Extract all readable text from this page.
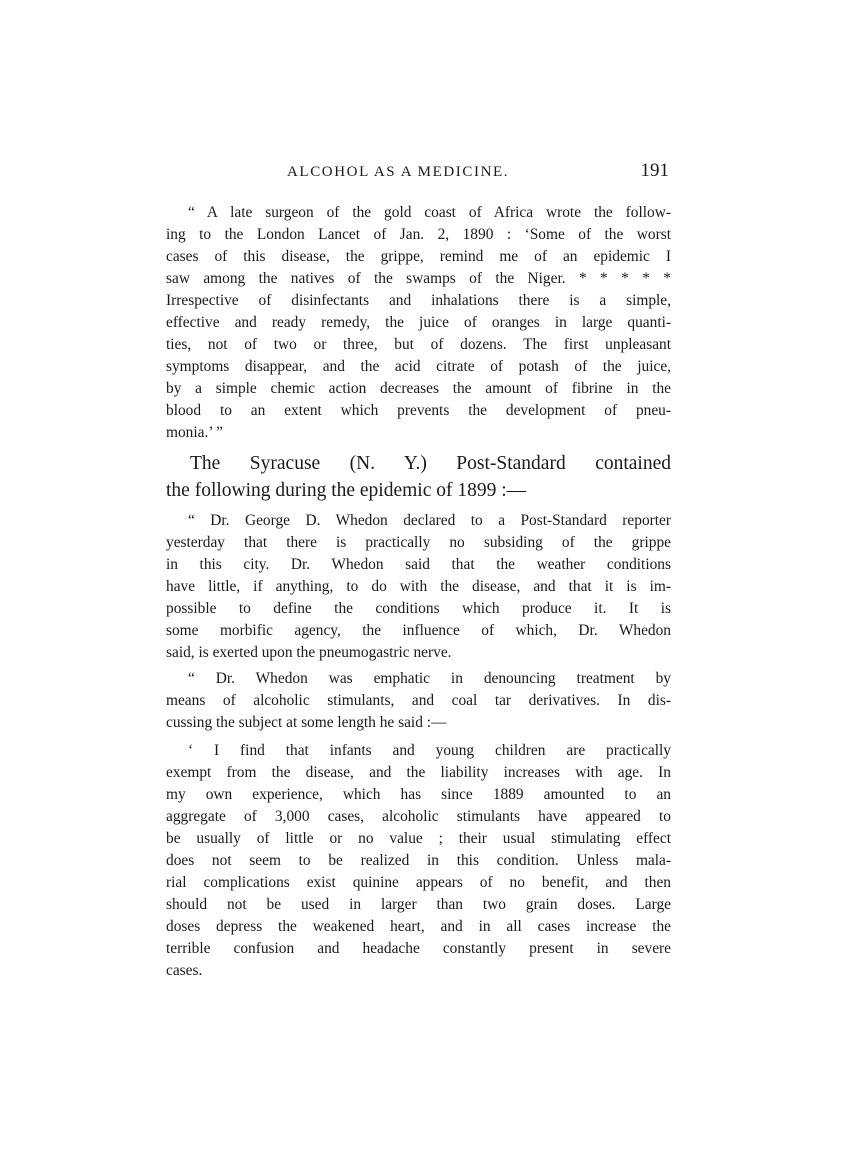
ALCOHOL AS A MEDICINE.	191
“ A late surgeon of the gold coast of Africa wrote the follow-
ing to the London Lancet of Jan. 2, 1890 : ‘Some of the worst
cases of this disease, the grippe, remind me of an epidemic I
saw among the natives of the swamps of the Niger. * * * * *
Irrespective of disinfectants and inhalations there is a simple,
effective and ready remedy, the juice of oranges in large quanti-
ties, not of two or three, but of dozens. The first unpleasant
symptoms disappear, and the acid citrate of potash of the juice,
by a simple chemic action decreases the amount of fibrine in the
blood to an extent which prevents the development of pneu-
monia.’ ”
The Syracuse (N. Y.) Post-Standard contained
the following during the epidemic of 1899 :—
“ Dr. George D. Whedon declared to a Post-Standard reporter
yesterday that there is practically no subsiding of the grippe
in this city. Dr. Whedon said that the weather conditions
have little, if anything, to do with the disease, and that it is im-
possible to define the conditions which produce it. It is
some morbific agency, the influence of which, Dr. Whedon
said, is exerted upon the pneumogastric nerve.
“ Dr. Whedon was emphatic in denouncing treatment by
means of alcoholic stimulants, and coal tar derivatives. In dis-
cussing the subject at some length he said :—
‘ I find that infants and young children are practically
exempt from the disease, and the liability increases with age. In
my own experience, which has since 1889 amounted to an
aggregate of 3,000 cases, alcoholic stimulants have appeared to
be usually of little or no value ; their usual stimulating effect
does not seem to be realized in this condition. Unless mala-
rial complications exist quinine appears of no benefit, and then
should not be used in larger than two grain doses. Large
doses depress the weakened heart, and in all cases increase the
terrible confusion and headache constantly present in severe
cases.
